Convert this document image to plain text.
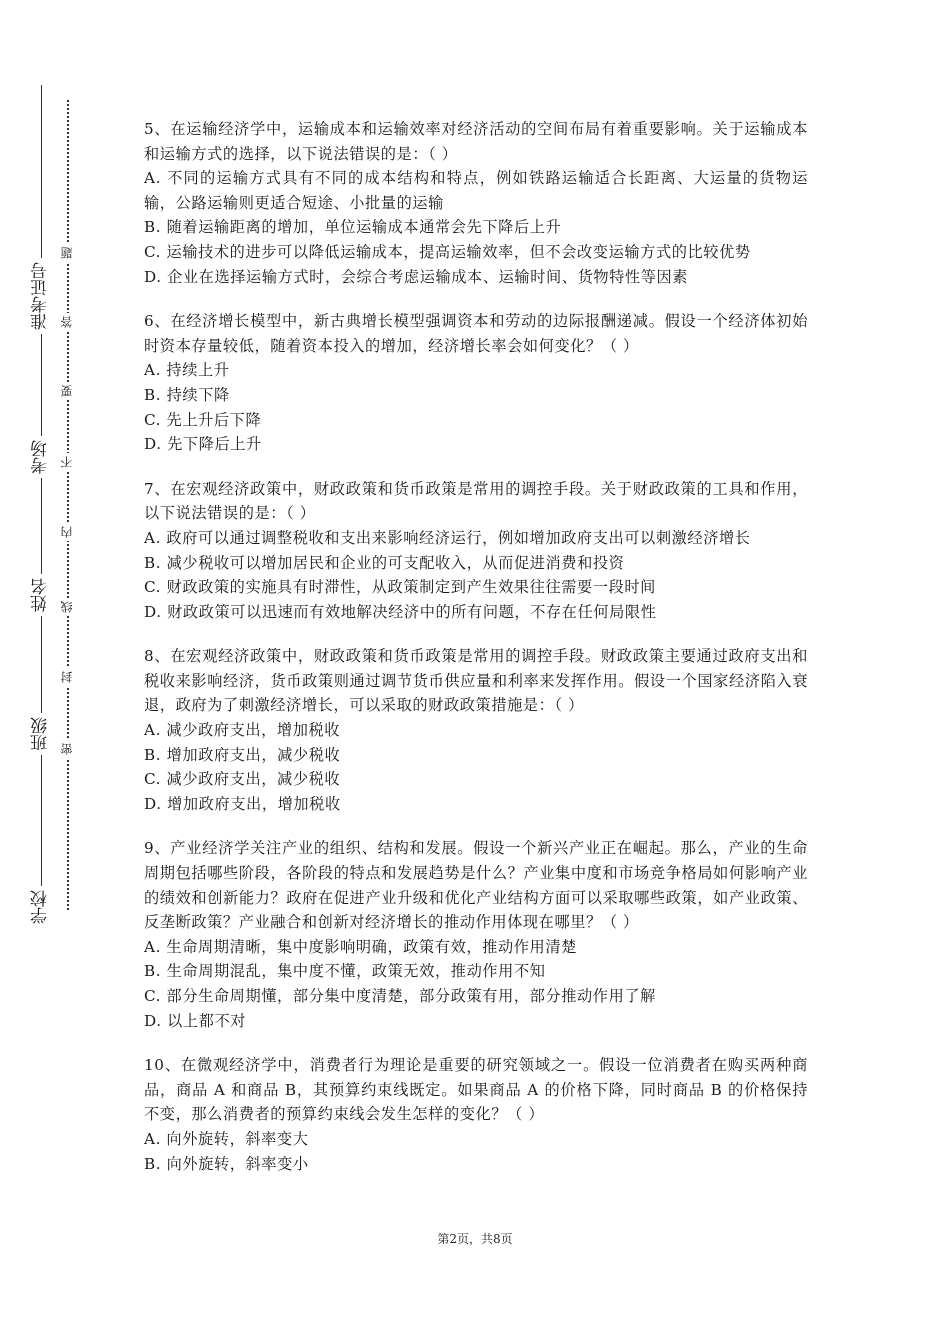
准考证号
考场
姓名
班级
学校
题
答
要
不
内
线
封
密

5、在运输经济学中，运输成本和运输效率对经济活动的空间布局有着重要影响。关于运输成本和运输方式的选择，以下说法错误的是：（ ）

A. 不同的运输方式具有不同的成本结构和特点，例如铁路运输适合长距离、大运量的货物运输，公路运输则更适合短途、小批量的运输

B. 随着运输距离的增加，单位运输成本通常会先下降后上升

C. 运输技术的进步可以降低运输成本，提高运输效率，但不会改变运输方式的比较优势

D. 企业在选择运输方式时，会综合考虑运输成本、运输时间、货物特性等因素

6、在经济增长模型中，新古典增长模型强调资本和劳动的边际报酬递减。假设一个经济体初始时资本存量较低，随着资本投入的增加，经济增长率会如何变化？（ ）

A. 持续上升

B. 持续下降

C. 先上升后下降

D. 先下降后上升

7、在宏观经济政策中，财政政策和货币政策是常用的调控手段。关于财政政策的工具和作用，以下说法错误的是：（ ）

A. 政府可以通过调整税收和支出来影响经济运行，例如增加政府支出可以刺激经济增长

B. 减少税收可以增加居民和企业的可支配收入，从而促进消费和投资

C. 财政政策的实施具有时滞性，从政策制定到产生效果往往需要一段时间

D. 财政政策可以迅速而有效地解决经济中的所有问题，不存在任何局限性

8、在宏观经济政策中，财政政策和货币政策是常用的调控手段。财政政策主要通过政府支出和税收来影响经济，货币政策则通过调节货币供应量和利率来发挥作用。假设一个国家经济陷入衰退，政府为了刺激经济增长，可以采取的财政政策措施是：（ ）

A. 减少政府支出，增加税收

B. 增加政府支出，减少税收

C. 减少政府支出，减少税收

D. 增加政府支出，增加税收

9、产业经济学关注产业的组织、结构和发展。假设一个新兴产业正在崛起。那么，产业的生命周期包括哪些阶段，各阶段的特点和发展趋势是什么？产业集中度和市场竞争格局如何影响产业的绩效和创新能力？政府在促进产业升级和优化产业结构方面可以采取哪些政策，如产业政策、反垄断政策？产业融合和创新对经济增长的推动作用体现在哪里？（ ）

A. 生命周期清晰，集中度影响明确，政策有效，推动作用清楚

B. 生命周期混乱，集中度不懂，政策无效，推动作用不知

C. 部分生命周期懂，部分集中度清楚，部分政策有用，部分推动作用了解

D. 以上都不对

10、在微观经济学中，消费者行为理论是重要的研究领域之一。假设一位消费者在购买两种商品，商品 A 和商品 B，其预算约束线既定。如果商品 A 的价格下降，同时商品 B 的价格保持不变，那么消费者的预算约束线会发生怎样的变化？（ ）

A. 向外旋转，斜率变大

B. 向外旋转，斜率变小

第2页，共8页
